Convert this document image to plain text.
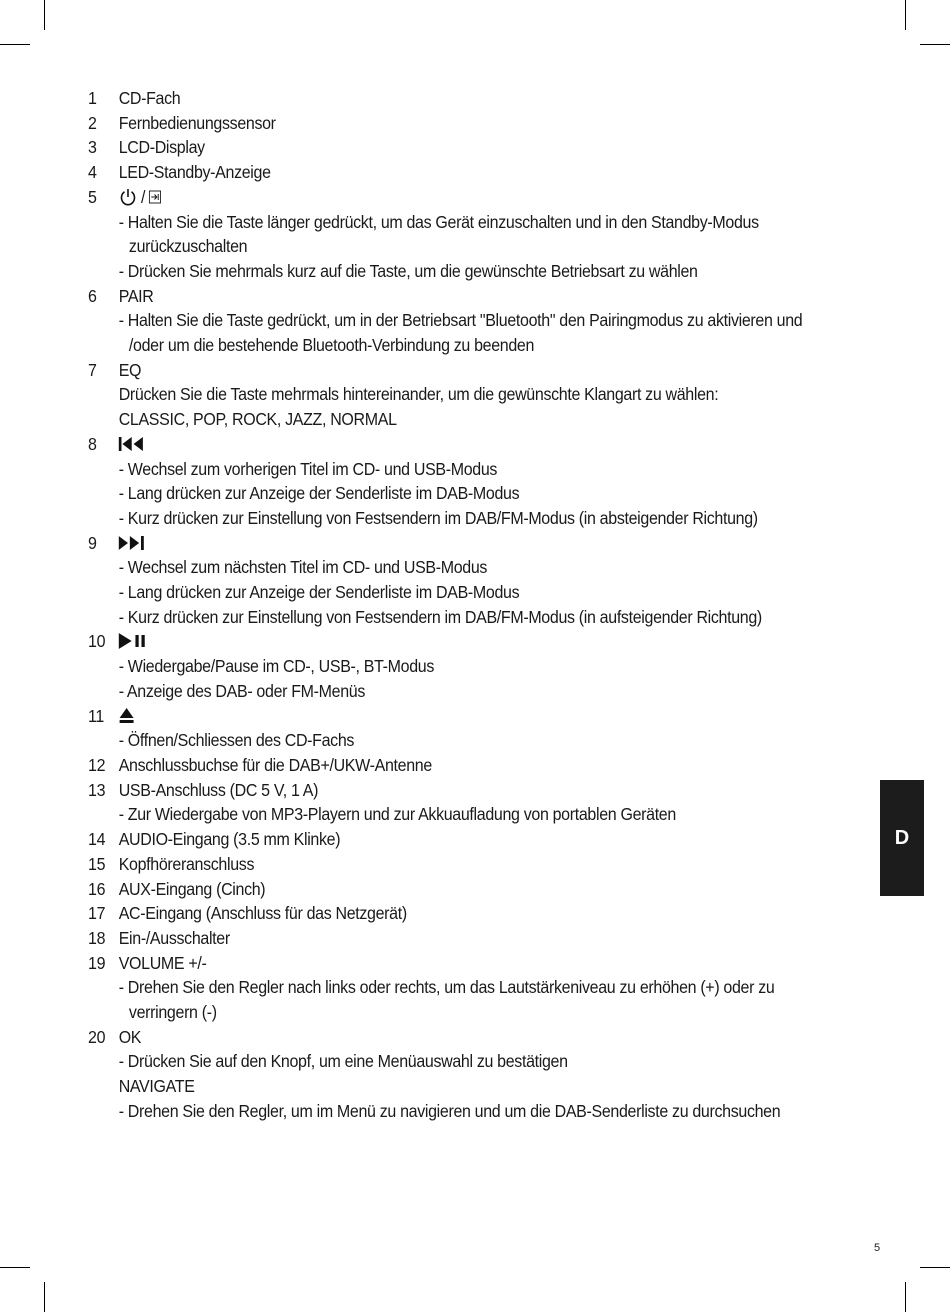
1	CD-Fach
2	Fernbedienungssensor
3	LCD-Display
4	LED-Standby-Anzeige
5	/
- Halten Sie die Taste länger gedrückt, um das Gerät einzuschalten und in den Standby-Modus zurückzuschalten
- Drücken Sie mehrmals kurz auf die Taste, um die gewünschte Betriebsart zu wählen
6	PAIR
- Halten Sie die Taste gedrückt, um in der Betriebsart "Bluetooth" den Pairingmodus zu aktivieren und /oder um die bestehende Bluetooth-Verbindung zu beenden
7	EQ
Drücken Sie die Taste mehrmals hintereinander, um die gewünschte Klangart zu wählen:
CLASSIC, POP, ROCK, JAZZ, NORMAL
8
- Wechsel zum vorherigen Titel im CD- und USB-Modus
- Lang drücken zur Anzeige der Senderliste im DAB-Modus
- Kurz drücken zur Einstellung von Festsendern im DAB/FM-Modus (in absteigender Richtung)
9
- Wechsel zum nächsten Titel im CD- und USB-Modus
- Lang drücken zur Anzeige der Senderliste im DAB-Modus
- Kurz drücken zur Einstellung von Festsendern im DAB/FM-Modus (in aufsteigender Richtung)
10
- Wiedergabe/Pause im CD-, USB-, BT-Modus
- Anzeige des DAB- oder FM-Menüs
11
- Öffnen/Schliessen des CD-Fachs
12 Anschlussbuchse für die DAB+/UKW-Antenne
13 USB-Anschluss (DC 5 V, 1 A)
- Zur Wiedergabe von MP3-Playern und zur Akkuaufladung von portablen Geräten
14 AUDIO-Eingang (3.5 mm Klinke)
15 Kopfhöreranschluss
16 AUX-Eingang (Cinch)
17 AC-Eingang (Anschluss für das Netzgerät)
18 Ein-/Ausschalter
19 VOLUME +/-
- Drehen Sie den Regler nach links oder rechts, um das Lautstärkeniveau zu erhöhen (+) oder zu verringern (-)
20 OK
- Drücken Sie auf den Knopf, um eine Menüauswahl zu bestätigen
NAVIGATE
- Drehen Sie den Regler, um im Menü zu navigieren und um die DAB-Senderliste zu durchsuchen
D
5
